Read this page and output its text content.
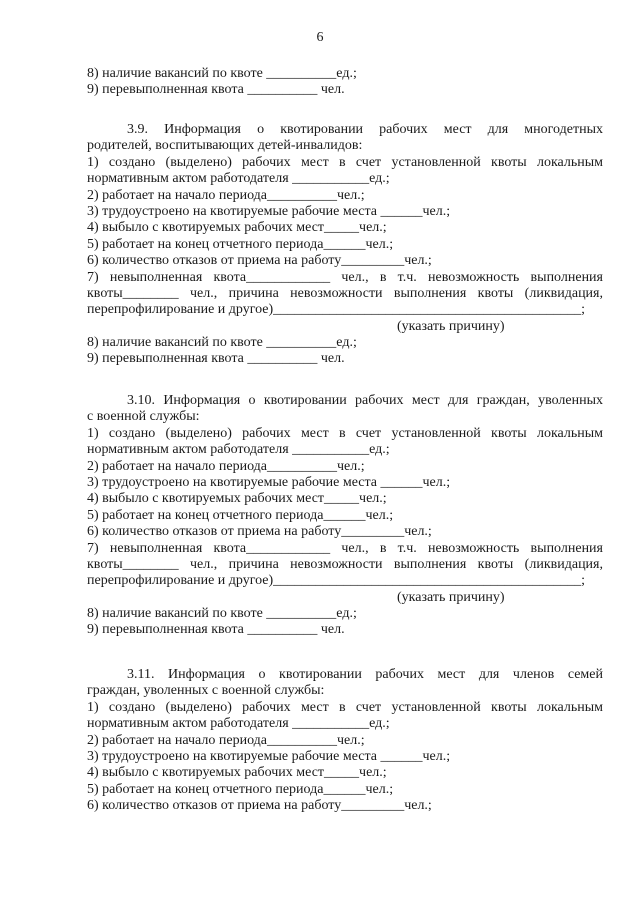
6
8) наличие вакансий по квоте __________ед.;
9) перевыполненная квота __________ чел.
3.9. Информация о квотировании рабочих мест для многодетных
родителей, воспитывающих детей-инвалидов:
1) создано (выделено) рабочих мест в счет установленной квоты локальным
нормативным актом работодателя ___________ед.;
2) работает на начало периода__________чел.;
3) трудоустроено на квотируемые рабочие места ______чел.;
4) выбыло с квотируемых рабочих мест_____чел.;
5) работает на конец отчетного периода______чел.;
6) количество отказов от приема на работу_________чел.;
7) невыполненная квота____________ чел., в т.ч. невозможность выполнения
квоты________ чел., причина невозможности выполнения квоты (ликвидация,
перепрофилирование и другое)____________________________________________;
(указать причину)
8) наличие вакансий по квоте __________ед.;
9) перевыполненная квота __________ чел.
3.10. Информация о квотировании рабочих мест для граждан, уволенных
с военной службы:
1) создано (выделено) рабочих мест в счет установленной квоты локальным
нормативным актом работодателя ___________ед.;
2) работает на начало периода__________чел.;
3) трудоустроено на квотируемые рабочие места ______чел.;
4) выбыло с квотируемых рабочих мест_____чел.;
5) работает на конец отчетного периода______чел.;
6) количество отказов от приема на работу_________чел.;
7) невыполненная квота____________ чел., в т.ч. невозможность выполнения
квоты________ чел., причина невозможности выполнения квоты (ликвидация,
перепрофилирование и другое)____________________________________________;
(указать причину)
8) наличие вакансий по квоте __________ед.;
9) перевыполненная квота __________ чел.
3.11. Информация о квотировании рабочих мест для членов семей
граждан, уволенных с военной службы:
1) создано (выделено) рабочих мест в счет установленной квоты локальным
нормативным актом работодателя ___________ед.;
2) работает на начало периода__________чел.;
3) трудоустроено на квотируемые рабочие места ______чел.;
4) выбыло с квотируемых рабочих мест_____чел.;
5) работает на конец отчетного периода______чел.;
6) количество отказов от приема на работу_________чел.;
